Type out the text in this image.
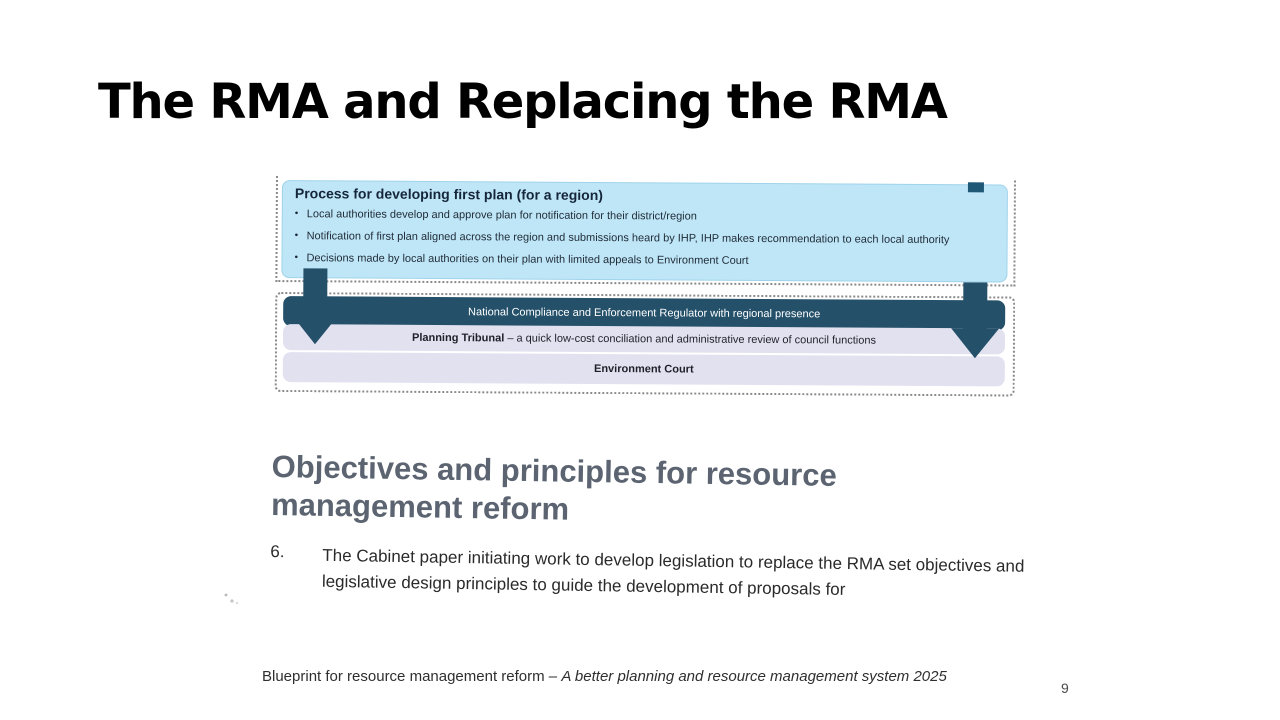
The RMA and Replacing the RMA

Process for developing first plan (for a region)

• Local authorities develop and approve plan for notification for their district/region
• Notification of first plan aligned across the region and submissions heard by IHP, IHP makes recommendation to each local authority
• Decisions made by local authorities on their plan with limited appeals to Environment Court
National Compliance and Enforcement Regulator with regional presence
Planning Tribunal – a quick low-cost conciliation and administrative review of council functions
Environment Court
Objectives and principles for resource management reform
6. The Cabinet paper initiating work to develop legislation to replace the RMA set objectives and legislative design principles to guide the development of proposals for

Blueprint for resource management reform – A better planning and resource management system 2025
9
